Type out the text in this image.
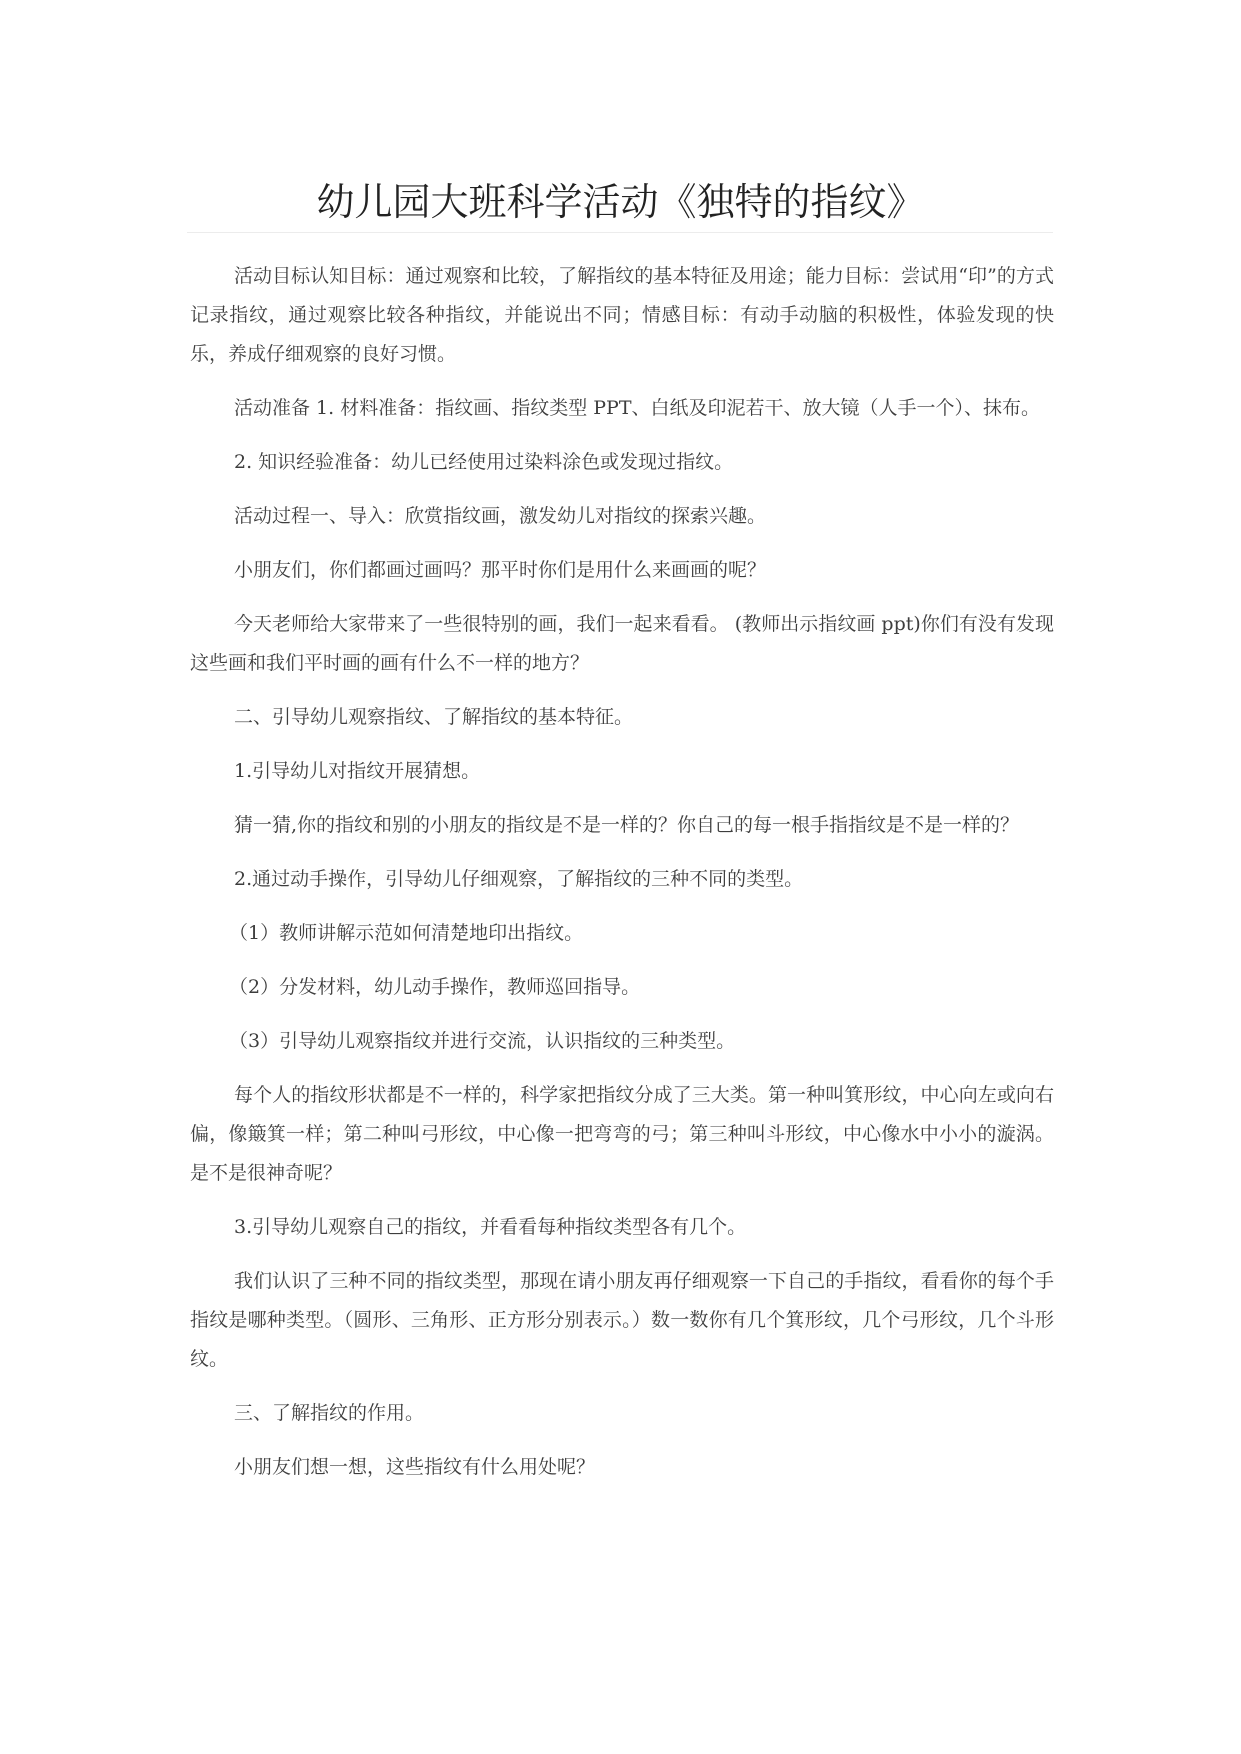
幼儿园大班科学活动《独特的指纹》

活动目标认知目标：通过观察和比较，了解指纹的基本特征及用途；能力目标：尝试用“印”的方式记录指纹，通过观察比较各种指纹，并能说出不同；情感目标：有动手动脑的积极性，体验发现的快乐，养成仔细观察的良好习惯。

活动准备 1. 材料准备：指纹画、指纹类型 PPT、白纸及印泥若干、放大镜（人手一个）、抹布。

2. 知识经验准备：幼儿已经使用过染料涂色或发现过指纹。

活动过程一、导入：欣赏指纹画，激发幼儿对指纹的探索兴趣。

小朋友们，你们都画过画吗？那平时你们是用什么来画画的呢？

今天老师给大家带来了一些很特别的画，我们一起来看看。 (教师出示指纹画 ppt)你们有没有发现这些画和我们平时画的画有什么不一样的地方？

二、引导幼儿观察指纹、了解指纹的基本特征。

1.引导幼儿对指纹开展猜想。

猜一猜,你的指纹和别的小朋友的指纹是不是一样的？你自己的每一根手指指纹是不是一样的？

2.通过动手操作，引导幼儿仔细观察，了解指纹的三种不同的类型。

（1）教师讲解示范如何清楚地印出指纹。

（2）分发材料，幼儿动手操作，教师巡回指导。

（3）引导幼儿观察指纹并进行交流，认识指纹的三种类型。

每个人的指纹形状都是不一样的，科学家把指纹分成了三大类。第一种叫箕形纹，中心向左或向右偏，像簸箕一样；第二种叫弓形纹，中心像一把弯弯的弓；第三种叫斗形纹，中心像水中小小的漩涡。是不是很神奇呢？

3.引导幼儿观察自己的指纹，并看看每种指纹类型各有几个。

我们认识了三种不同的指纹类型，那现在请小朋友再仔细观察一下自己的手指纹，看看你的每个手指纹是哪种类型。（圆形、三角形、正方形分别表示。）数一数你有几个箕形纹，几个弓形纹，几个斗形纹。

三、了解指纹的作用。

小朋友们想一想，这些指纹有什么用处呢？
